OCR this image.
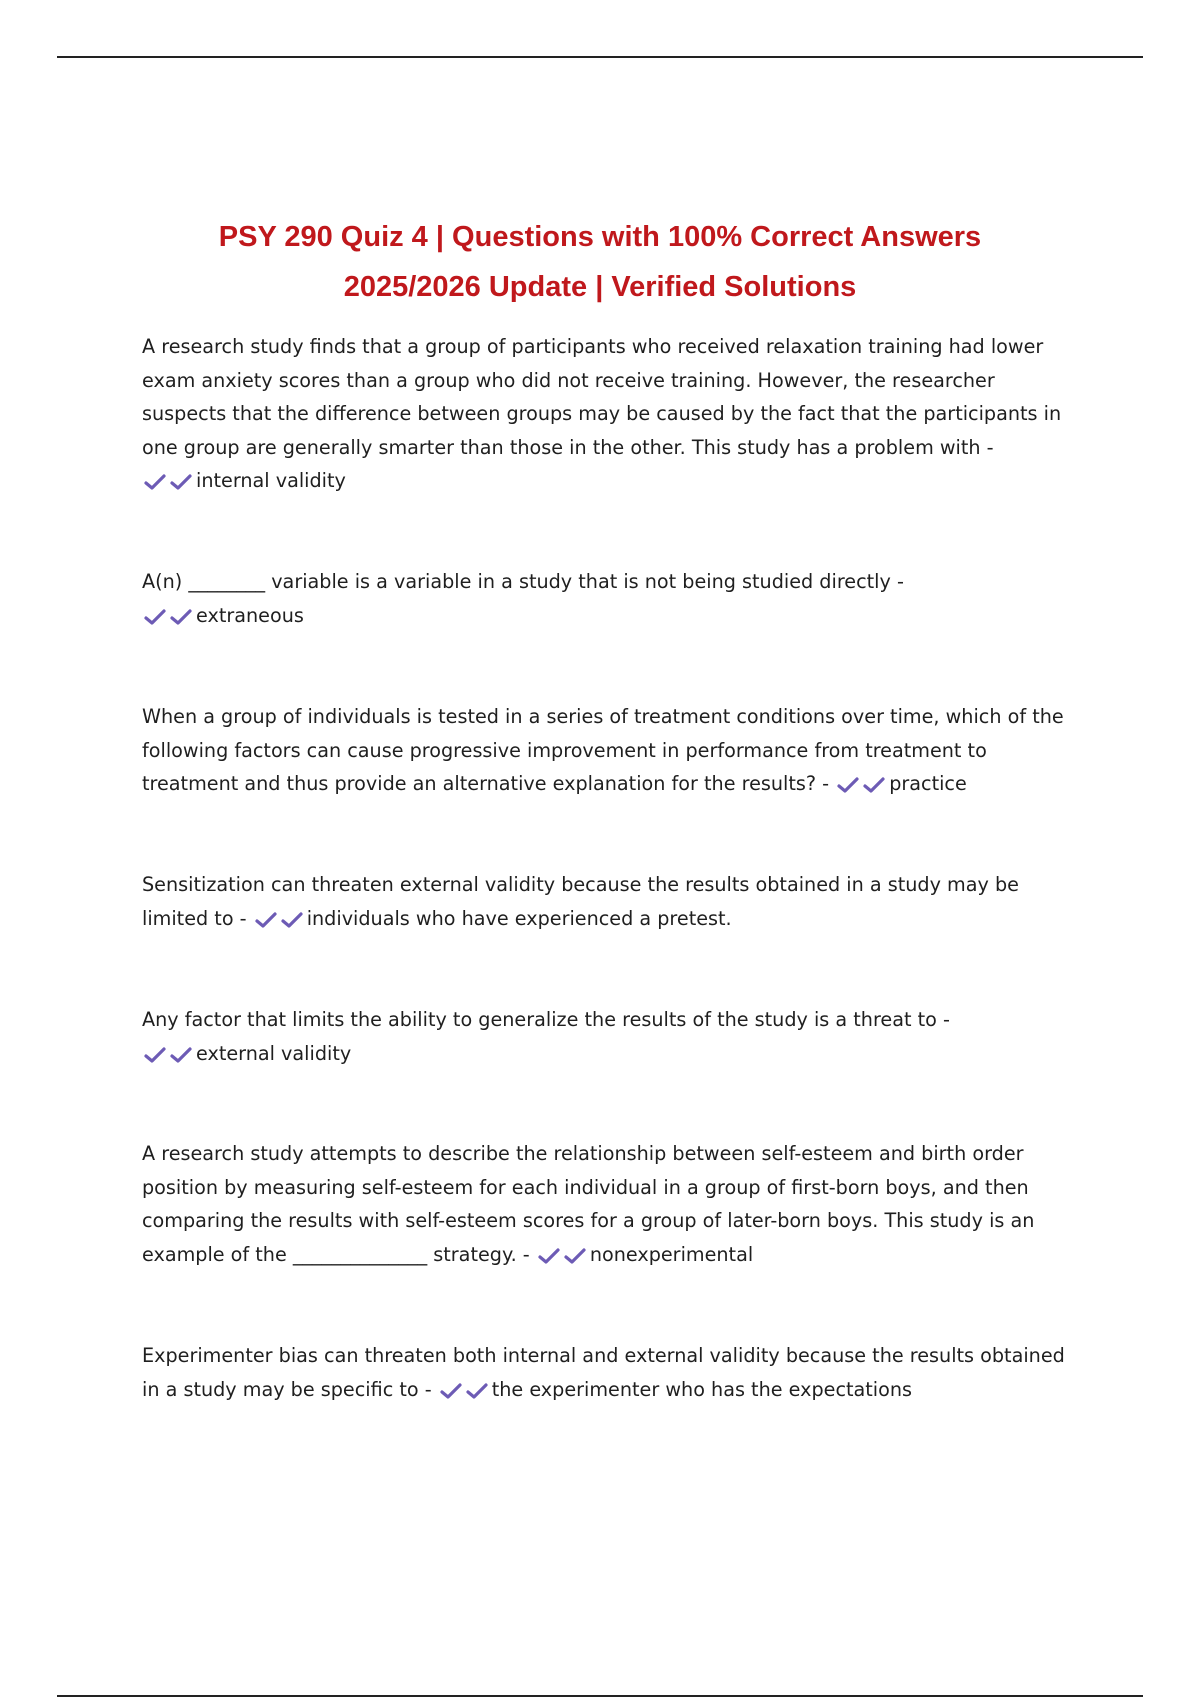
PSY 290 Quiz 4 | Questions with 100% Correct Answers
2025/2026 Update | Verified Solutions
A research study finds that a group of participants who received relaxation training had lower exam anxiety scores than a group who did not receive training. However, the researcher suspects that the difference between groups may be caused by the fact that the participants in one group are generally smarter than those in the other. This study has a problem with -

internal validity
A(n) ________ variable is a variable in a study that is not being studied directly -

extraneous
When a group of individuals is tested in a series of treatment conditions over time, which of the following factors can cause progressive improvement in performance from treatment to treatment and thus provide an alternative explanation for the results? -	practice
Sensitization can threaten external validity because the results obtained in a study may be limited to -	individuals who have experienced a pretest.
Any factor that limits the ability to generalize the results of the study is a threat to -

external validity
A research study attempts to describe the relationship between self-esteem and birth order position by measuring self-esteem for each individual in a group of first-born boys, and then comparing the results with self-esteem scores for a group of later-born boys. This study is an example of the ______________ strategy. -	nonexperimental
Experimenter bias can threaten both internal and external validity because the results obtained in a study may be specific to -	the experimenter who has the expectations
